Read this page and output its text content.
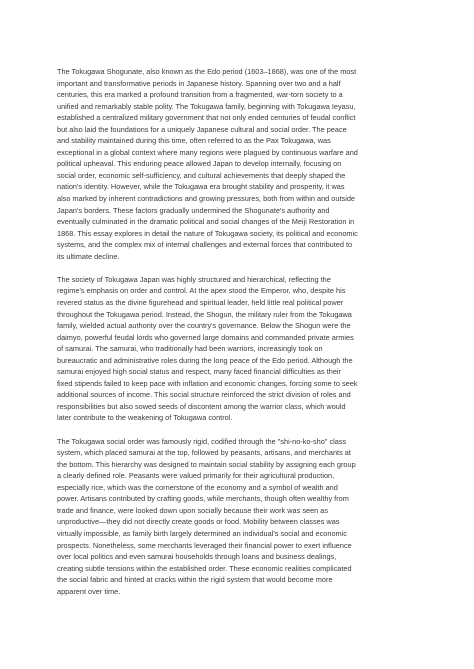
The Tokugawa Shogunate, also known as the Edo period (1603–1868), was one of the most
important and transformative periods in Japanese history. Spanning over two and a half
centuries, this era marked a profound transition from a fragmented, war-torn society to a
unified and remarkably stable polity. The Tokugawa family, beginning with Tokugawa Ieyasu,
established a centralized military government that not only ended centuries of feudal conflict
but also laid the foundations for a uniquely Japanese cultural and social order. The peace
and stability maintained during this time, often referred to as the Pax Tokugawa, was
exceptional in a global context where many regions were plagued by continuous warfare and
political upheaval. This enduring peace allowed Japan to develop internally, focusing on
social order, economic self-sufficiency, and cultural achievements that deeply shaped the
nation's identity. However, while the Tokugawa era brought stability and prosperity, it was
also marked by inherent contradictions and growing pressures, both from within and outside
Japan's borders. These factors gradually undermined the Shogunate's authority and
eventually culminated in the dramatic political and social changes of the Meiji Restoration in
1868. This essay explores in detail the nature of Tokugawa society, its political and economic
systems, and the complex mix of internal challenges and external forces that contributed to
its ultimate decline.

The society of Tokugawa Japan was highly structured and hierarchical, reflecting the
regime's emphasis on order and control. At the apex stood the Emperor, who, despite his
revered status as the divine figurehead and spiritual leader, held little real political power
throughout the Tokugawa period. Instead, the Shogun, the military ruler from the Tokugawa
family, wielded actual authority over the country's governance. Below the Shogun were the
daimyo, powerful feudal lords who governed large domains and commanded private armies
of samurai. The samurai, who traditionally had been warriors, increasingly took on
bureaucratic and administrative roles during the long peace of the Edo period. Although the
samurai enjoyed high social status and respect, many faced financial difficulties as their
fixed stipends failed to keep pace with inflation and economic changes, forcing some to seek
additional sources of income. This social structure reinforced the strict division of roles and
responsibilities but also sowed seeds of discontent among the warrior class, which would
later contribute to the weakening of Tokugawa control.

The Tokugawa social order was famously rigid, codified through the "shi-no-ko-sho" class
system, which placed samurai at the top, followed by peasants, artisans, and merchants at
the bottom. This hierarchy was designed to maintain social stability by assigning each group
a clearly defined role. Peasants were valued primarily for their agricultural production,
especially rice, which was the cornerstone of the economy and a symbol of wealth and
power. Artisans contributed by crafting goods, while merchants, though often wealthy from
trade and finance, were looked down upon socially because their work was seen as
unproductive—they did not directly create goods or food. Mobility between classes was
virtually impossible, as family birth largely determined an individual's social and economic
prospects. Nonetheless, some merchants leveraged their financial power to exert influence
over local politics and even samurai households through loans and business dealings,
creating subtle tensions within the established order. These economic realities complicated
the social fabric and hinted at cracks within the rigid system that would become more
apparent over time.
